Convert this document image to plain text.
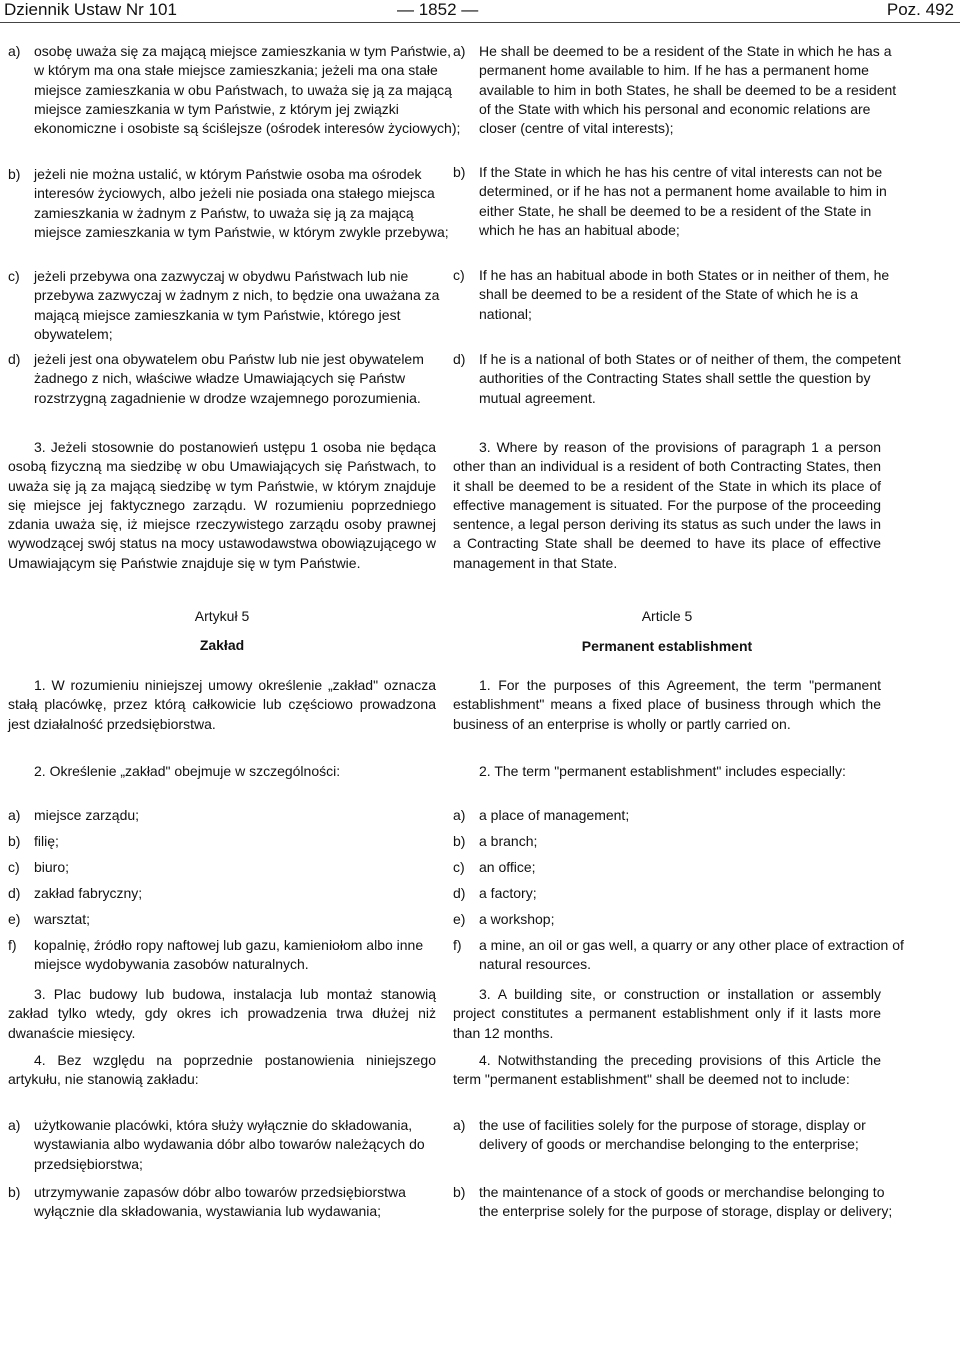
Dziennik Ustaw Nr 101	— 1852 —	Poz. 492
a) osobę uważa się za mającą miejsce zamieszkania w tym Państwie, w którym ma ona stałe miejsce zamieszkania; jeżeli ma ona stałe miejsce zamieszkania w obu Państwach, to uważa się ją za mającą miejsce zamieszkania w tym Państwie, z którym jej związki ekonomiczne i osobiste są ściślejsze (ośrodek interesów życiowych);
b) jeżeli nie można ustalić, w którym Państwie osoba ma ośrodek interesów życiowych, albo jeżeli nie posiada ona stałego miejsca zamieszkania w żadnym z Państw, to uważa się ją za mającą miejsce zamieszkania w tym Państwie, w którym zwykle przebywa;
c) jeżeli przebywa ona zazwyczaj w obydwu Państwach lub nie przebywa zazwyczaj w żadnym z nich, to będzie ona uważana za mającą miejsce zamieszkania w tym Państwie, którego jest obywatelem;
d) jeżeli jest ona obywatelem obu Państw lub nie jest obywatelem żadnego z nich, właściwe władze Umawiających się Państw rozstrzygną zagadnienie w drodze wzajemnego porozumienia.
3. Jeżeli stosownie do postanowień ustępu 1 osoba nie będąca osobą fizyczną ma siedzibę w obu Umawiających się Państwach, to uważa się ją za mającą siedzibę w tym Państwie, w którym znajduje się miejsce jej faktycznego zarządu. W rozumieniu poprzedniego zdania uważa się, iż miejsce rzeczywistego zarządu osoby prawnej wywodzącej swój status na mocy ustawodawstwa obowiązującego w Umawiającym się Państwie znajduje się w tym Państwie.
Artykuł 5
Zakład
1. W rozumieniu niniejszej umowy określenie „zakład" oznacza stałą placówkę, przez którą całkowicie lub częściowo prowadzona jest działalność przedsiębiorstwa.
2. Określenie „zakład" obejmuje w szczególności:
a) miejsce zarządu;
b) filię;
c) biuro;
d) zakład fabryczny;
e) warsztat;
f) kopalnię, źródło ropy naftowej lub gazu, kamieniołom albo inne miejsce wydobywania zasobów naturalnych.
3. Plac budowy lub budowa, instalacja lub montaż stanowią zakład tylko wtedy, gdy okres ich prowadzenia trwa dłużej niż dwanaście miesięcy.
4. Bez względu na poprzednie postanowienia niniejszego artykułu, nie stanowią zakładu:
a) użytkowanie placówki, która służy wyłącznie do składowania, wystawiania albo wydawania dóbr albo towarów należących do przedsiębiorstwa;
b) utrzymywanie zapasów dóbr albo towarów przedsiębiorstwa wyłącznie dla składowania, wystawiania lub wydawania;
a) He shall be deemed to be a resident of the State in which he has a permanent home available to him. If he has a permanent home available to him in both States, he shall be deemed to be a resident of the State with which his personal and economic relations are closer (centre of vital interests);
b) If the State in which he has his centre of vital interests can not be determined, or if he has not a permanent home available to him in either State, he shall be deemed to be a resident of the State in which he has an habitual abode;
c) If he has an habitual abode in both States or in neither of them, he shall be deemed to be a resident of the State of which he is a national;
d) If he is a national of both States or of neither of them, the competent authorities of the Contracting States shall settle the question by mutual agreement.
3. Where by reason of the provisions of paragraph 1 a person other than an individual is a resident of both Contracting States, then it shall be deemed to be a resident of the State in which its place of effective management is situated. For the purpose of the proceeding sentence, a legal person deriving its status as such under the laws in a Contracting State shall be deemed to have its place of effective management in that State.
Article 5
Permanent establishment
1. For the purposes of this Agreement, the term "permanent establishment" means a fixed place of business through which the business of an enterprise is wholly or partly carried on.
2. The term "permanent establishment" includes especially:
a) a place of management;
b) a branch;
c) an office;
d) a factory;
e) a workshop;
f) a mine, an oil or gas well, a quarry or any other place of extraction of natural resources.
3. A building site, or construction or installation or assembly project constitutes a permanent establishment only if it lasts more than 12 months.
4. Notwithstanding the preceding provisions of this Article the term "permanent establishment" shall be deemed not to include:
a) the use of facilities solely for the purpose of storage, display or delivery of goods or merchandise belonging to the enterprise;
b) the maintenance of a stock of goods or merchandise belonging to the enterprise solely for the purpose of storage, display or delivery;
